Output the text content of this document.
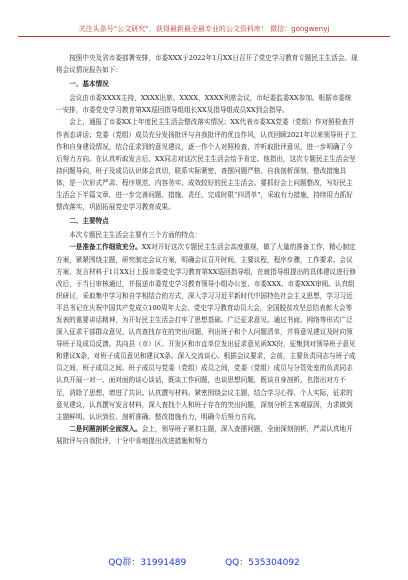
关注头条号“公文研究”，获得最新最全最专业的公文资料库！ 微信：gongwenyj

按照中央及省市委部署安排，市委XXX于2022年1月XX日召开了党史学习教育专题民主生活会。现将会议情况报告如下：

一、基本情况

会议由市委XXXX主持，XXXX出席。XXXX，XXXX列席会议，市纪委监委XX参加。根据市委统一安排，市委党史学习教育第XX巡回指导组组长XX及指导组成员XX到会指导。

会上，通报了市委XX上年度民主生活会整改落实情况；XX代表市委XX党委（党组）作对照检查并作表态讲话；党委（党组）成员充分发扬批评与自我批评的优良作风，认真回顾2021年以来领导班子工作和自身建设情况，结合征求到的意见建议，逐一作个人对照检查，并听取批评意见，进一步明确了今后努力方向。在认真听取发言后，XX同志对这次民主生活会给予肯定。他指出，这次专题民主生活会坚持问题导向，班子及成员认识体会真切，联系实际紧密，查摆问题严格、自我剖析深刻、整改措施具体，是一次形式严肃、程序规范、内容务实、成效较好的民主生活会。要抓好会上问题整改，写好民主生活会下半篇文章，进一步完善问题、措施、责任、完成时限“四清单”，采取有力措施，持续用力抓好整改落实，巩固拓展党史学习教育成果。

二、主要特点

本次专题民主生活会主要有三个方面的特点：

一是准备工作细致充分。XX对开好这次专题民主生活会高度重视，做了大量的准备工作，精心制定方案，紧紧围绕主题，研究制定会议方案，明确会议召开时间，主要议程，程序步骤，工作要求。会议方案、发言材料于1月XX日上报市委党史学习教育第XX巡回指导组，在就指导组提出的具体建议进行修改后，于当日审核通过，并报送市委党史学习教育领导小组办公室、市委XXX、市委XXX审阅。认真组织研讨，采取集中学习和自学相结合的方式，深入学习习近平新时代中国特色社会主义思想，学习习近平总书记在庆祝中国共产党成立100周年大会、党史学习教育动员大会，全国脱贫攻坚总结表彰大会等发表的重要讲话精神，为开好民主生活会打牢了思想基础。广泛征求意见。通过书面、网络等形式广泛深入征求干部群众意见，认真查找存在的突出问题，列出班子和个人问题清单，并将意见建议及时向领导班子及成员反馈。共向县（市）区、开发区和市直单位发出征求意见函XX份，征集到对领导班子意见和建议X条，对班子成员意见和建议X条。深入交流谈心。根据会议要求，会前，主要负责同志与班子成员之间、班子成员之间、班子成员与党委（党组）成员之间，党委（党组）成员与分管处室的负责同志认真开展一对一、面对面的谈心谈话，既谈工作问题，也谈思想问题，既谈自身剖析，也指出对方不足，消除了思想、增进了共识。认真撰写材料。紧密围绕会议主题，结合学习心得、个人实际，征求的意见建议，认真撰写发言材料，深入查找个人和班子存在的突出问题，深刻分析主客观原因，力求做到主题鲜明、认识到位、剖析准确、整改措施有力，明确今后努力方向。

二是问题剖析全面深入。会上，领导班子紧扣主题，深入查摆问题，全面深刻剖析，严肃认真地开展批评与自我批评，十分中肯地提出改进措施和努力

QQ群：31991489	QQ：535304092
